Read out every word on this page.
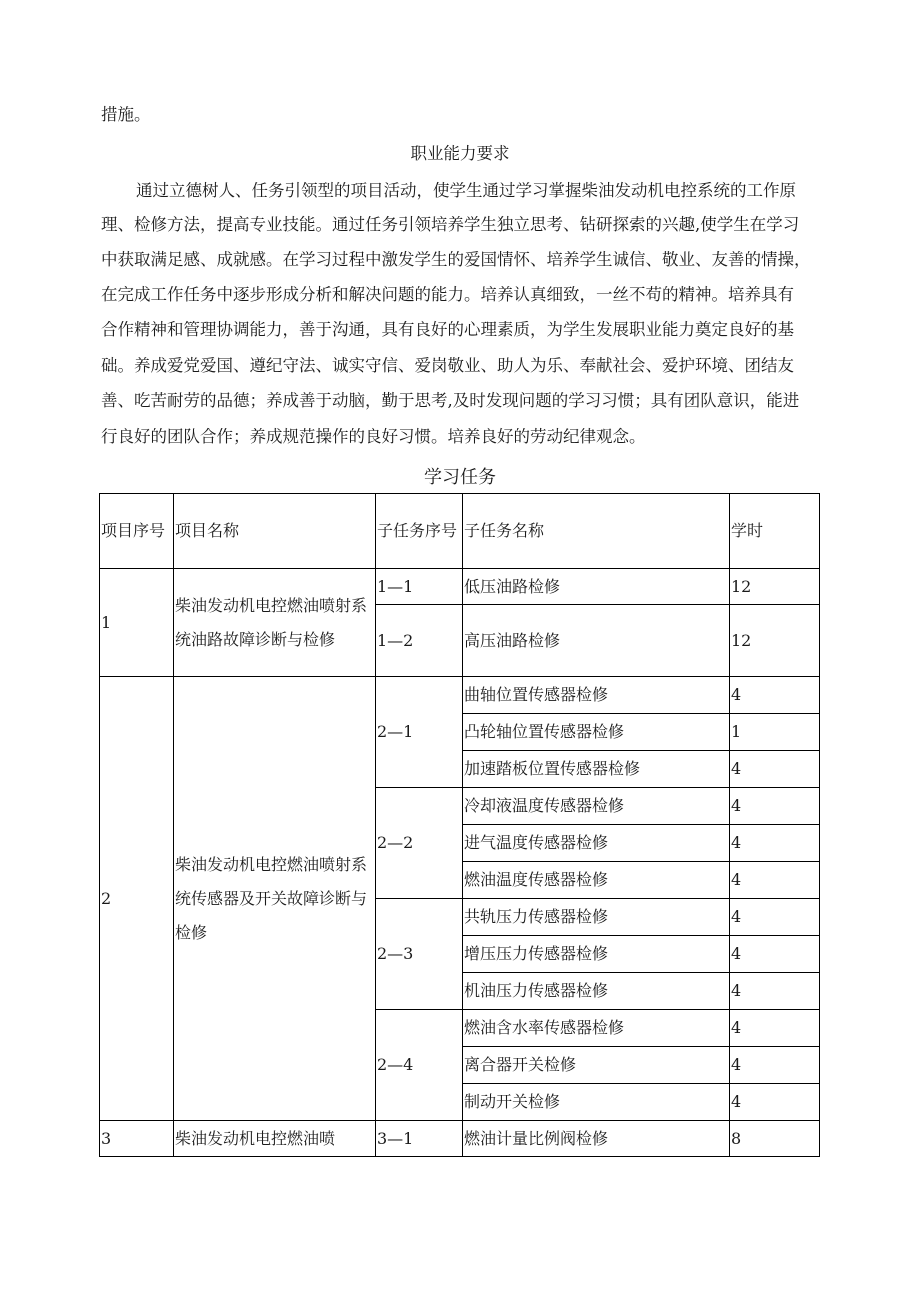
措施。
职业能力要求
通过立德树人、任务引领型的项目活动，使学生通过学习掌握柴油发动机电控系统的工作原
理、检修方法，提高专业技能。通过任务引领培养学生独立思考、钻研探索的兴趣,使学生在学习
中获取满足感、成就感。在学习过程中激发学生的爱国情怀、培养学生诚信、敬业、友善的情操，
在完成工作任务中逐步形成分析和解决问题的能力。培养认真细致，一丝不苟的精神。培养具有
合作精神和管理协调能力，善于沟通，具有良好的心理素质，为学生发展职业能力奠定良好的基
础。养成爱党爱国、遵纪守法、诚实守信、爱岗敬业、助人为乐、奉献社会、爱护环境、团结友
善、吃苦耐劳的品德；养成善于动脑，勤于思考,及时发现问题的学习习惯；具有团队意识，能进
行良好的团队合作；养成规范操作的良好习惯。培养良好的劳动纪律观念。
学习任务
项目序号	项目名称	子任务序号	子任务名称	学时
1	柴油发动机电控燃油喷射系统油路故障诊断与检修	1—1	低压油路检修	12
		1—2	高压油路检修	12
2	柴油发动机电控燃油喷射系统传感器及开关故障诊断与检修	2—1	曲轴位置传感器检修	4
			凸轮轴位置传感器检修	1
			加速踏板位置传感器检修	4
		2—2	冷却液温度传感器检修	4
			进气温度传感器检修	4
			燃油温度传感器检修	4
		2—3	共轨压力传感器检修	4
			增压压力传感器检修	4
			机油压力传感器检修	4
		2—4	燃油含水率传感器检修	4
			离合器开关检修	4
			制动开关检修	4
3	柴油发动机电控燃油喷	3—1	燃油计量比例阀检修	8
